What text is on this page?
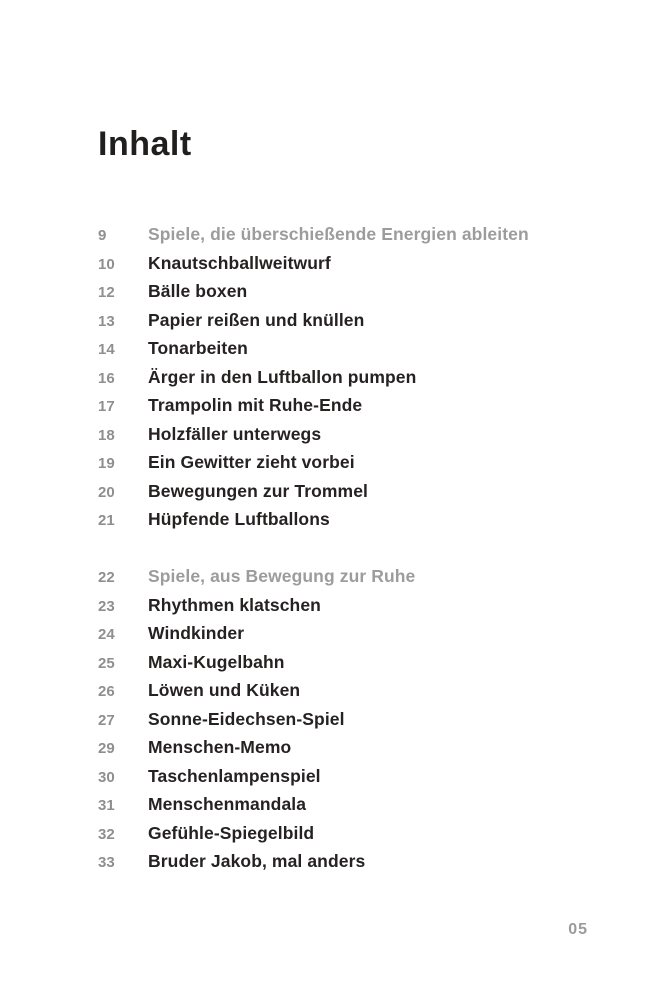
Inhalt
9	Spiele, die überschießende Energien ableiten
10	Knautschballweitwurf
12	Bälle boxen
13	Papier reißen und knüllen
14	Tonarbeiten
16	Ärger in den Luftballon pumpen
17	Trampolin mit Ruhe-Ende
18	Holzfäller unterwegs
19	Ein Gewitter zieht vorbei
20	Bewegungen zur Trommel
21	Hüpfende Luftballons
22	Spiele, aus Bewegung zur Ruhe
23	Rhythmen klatschen
24	Windkinder
25	Maxi-Kugelbahn
26	Löwen und Küken
27	Sonne-Eidechsen-Spiel
29	Menschen-Memo
30	Taschenlampenspiel
31	Menschenmandala
32	Gefühle-Spiegelbild
33	Bruder Jakob, mal anders
05
